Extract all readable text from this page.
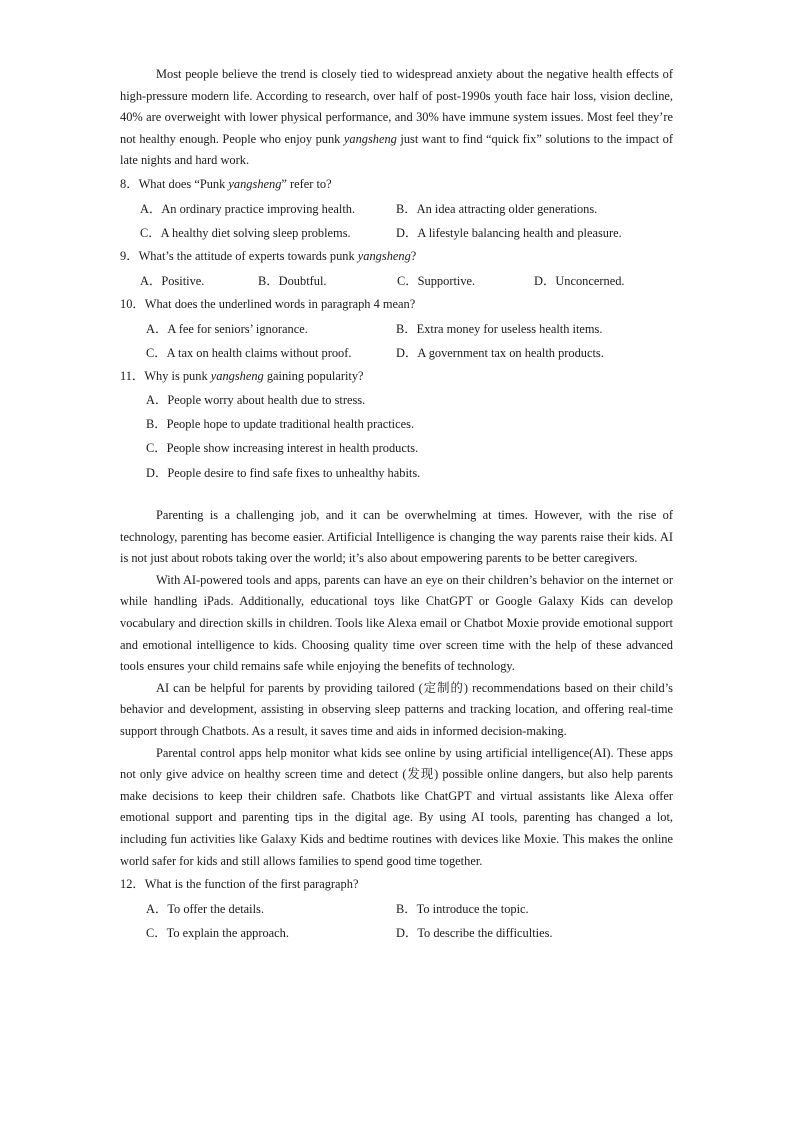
Most people believe the trend is closely tied to widespread anxiety about the negative health effects of high-pressure modern life. According to research, over half of post-1990s youth face hair loss, vision decline, 40% are overweight with lower physical performance, and 30% have immune system issues. Most feel they’re not healthy enough. People who enjoy punk yangsheng just want to find “quick fix” solutions to the impact of late nights and hard work.

8．What does “Punk yangsheng” refer to?
A．An ordinary practice improving health.	B．An idea attracting older generations.
C．A healthy diet solving sleep problems.	D．A lifestyle balancing health and pleasure.
9．What’s the attitude of experts towards punk yangsheng?
A．Positive.	B．Doubtful.	C．Supportive.	D．Unconcerned.
10．What does the underlined words in paragraph 4 mean?
A．A fee for seniors’ ignorance.	B．Extra money for useless health items.
C．A tax on health claims without proof.	D．A government tax on health products.
11．Why is punk yangsheng gaining popularity?
A．People worry about health due to stress.
B．People hope to update traditional health practices.
C．People show increasing interest in health products.
D．People desire to find safe fixes to unhealthy habits.

Parenting is a challenging job, and it can be overwhelming at times. However, with the rise of technology, parenting has become easier. Artificial Intelligence is changing the way parents raise their kids. AI is not just about robots taking over the world; it’s also about empowering parents to be better caregivers.

With AI-powered tools and apps, parents can have an eye on their children’s behavior on the internet or while handling iPads. Additionally, educational toys like ChatGPT or Google Galaxy Kids can develop vocabulary and direction skills in children. Tools like Alexa email or Chatbot Moxie provide emotional support and emotional intelligence to kids. Choosing quality time over screen time with the help of these advanced tools ensures your child remains safe while enjoying the benefits of technology.

AI can be helpful for parents by providing tailored (定制的) recommendations based on their child’s behavior and development, assisting in observing sleep patterns and tracking location, and offering real-time support through Chatbots. As a result, it saves time and aids in informed decision-making.

Parental control apps help monitor what kids see online by using artificial intelligence(AI). These apps not only give advice on healthy screen time and detect (发现) possible online dangers, but also help parents make decisions to keep their children safe. Chatbots like ChatGPT and virtual assistants like Alexa offer emotional support and parenting tips in the digital age. By using AI tools, parenting has changed a lot, including fun activities like Galaxy Kids and bedtime routines with devices like Moxie. This makes the online world safer for kids and still allows families to spend good time together.

12．What is the function of the first paragraph?
A．To offer the details.	B．To introduce the topic.
C．To explain the approach.	D．To describe the difficulties.
